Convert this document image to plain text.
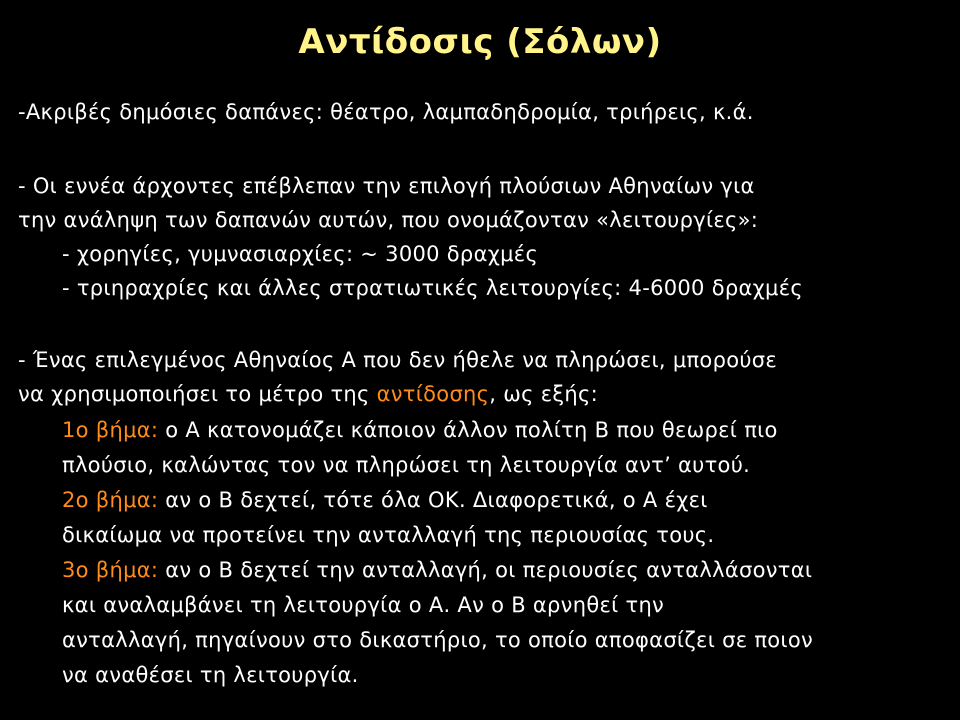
Αντίδοσις (Σόλων)
-Ακριβές δημόσιες δαπάνες: θέατρο, λαμπαδηδρομία, τριήρεις, κ.ά.
- Οι εννέα άρχοντες επέβλεπαν την επιλογή πλούσιων Αθηναίων για
την ανάληψη των δαπανών αυτών, που ονομάζονταν «λειτουργίες»:
- χορηγίες, γυμνασιαρχίες: ~ 3000 δραχμές
- τριηραχρίες και άλλες στρατιωτικές λειτουργίες: 4-6000 δραχμές
- Ένας επιλεγμένος Αθηναίος Α που δεν ήθελε να πληρώσει, μπορούσε
να χρησιμοποιήσει το μέτρο της αντίδοσης, ως εξής:
1ο βήμα: ο Α κατονομάζει κάποιον άλλον πολίτη Β που θεωρεί πιο
πλούσιο, καλώντας τον να πληρώσει τη λειτουργία αντ’ αυτού.
2ο βήμα: αν ο Β δεχτεί, τότε όλα ΟΚ. Διαφορετικά, ο Α έχει
δικαίωμα να προτείνει την ανταλλαγή της περιουσίας τους.
3ο βήμα: αν ο Β δεχτεί την ανταλλαγή, οι περιουσίες ανταλλάσονται
και αναλαμβάνει τη λειτουργία ο Α. Αν ο Β αρνηθεί την
ανταλλαγή, πηγαίνουν στο δικαστήριο, το οποίο αποφασίζει σε ποιον
να αναθέσει τη λειτουργία.
